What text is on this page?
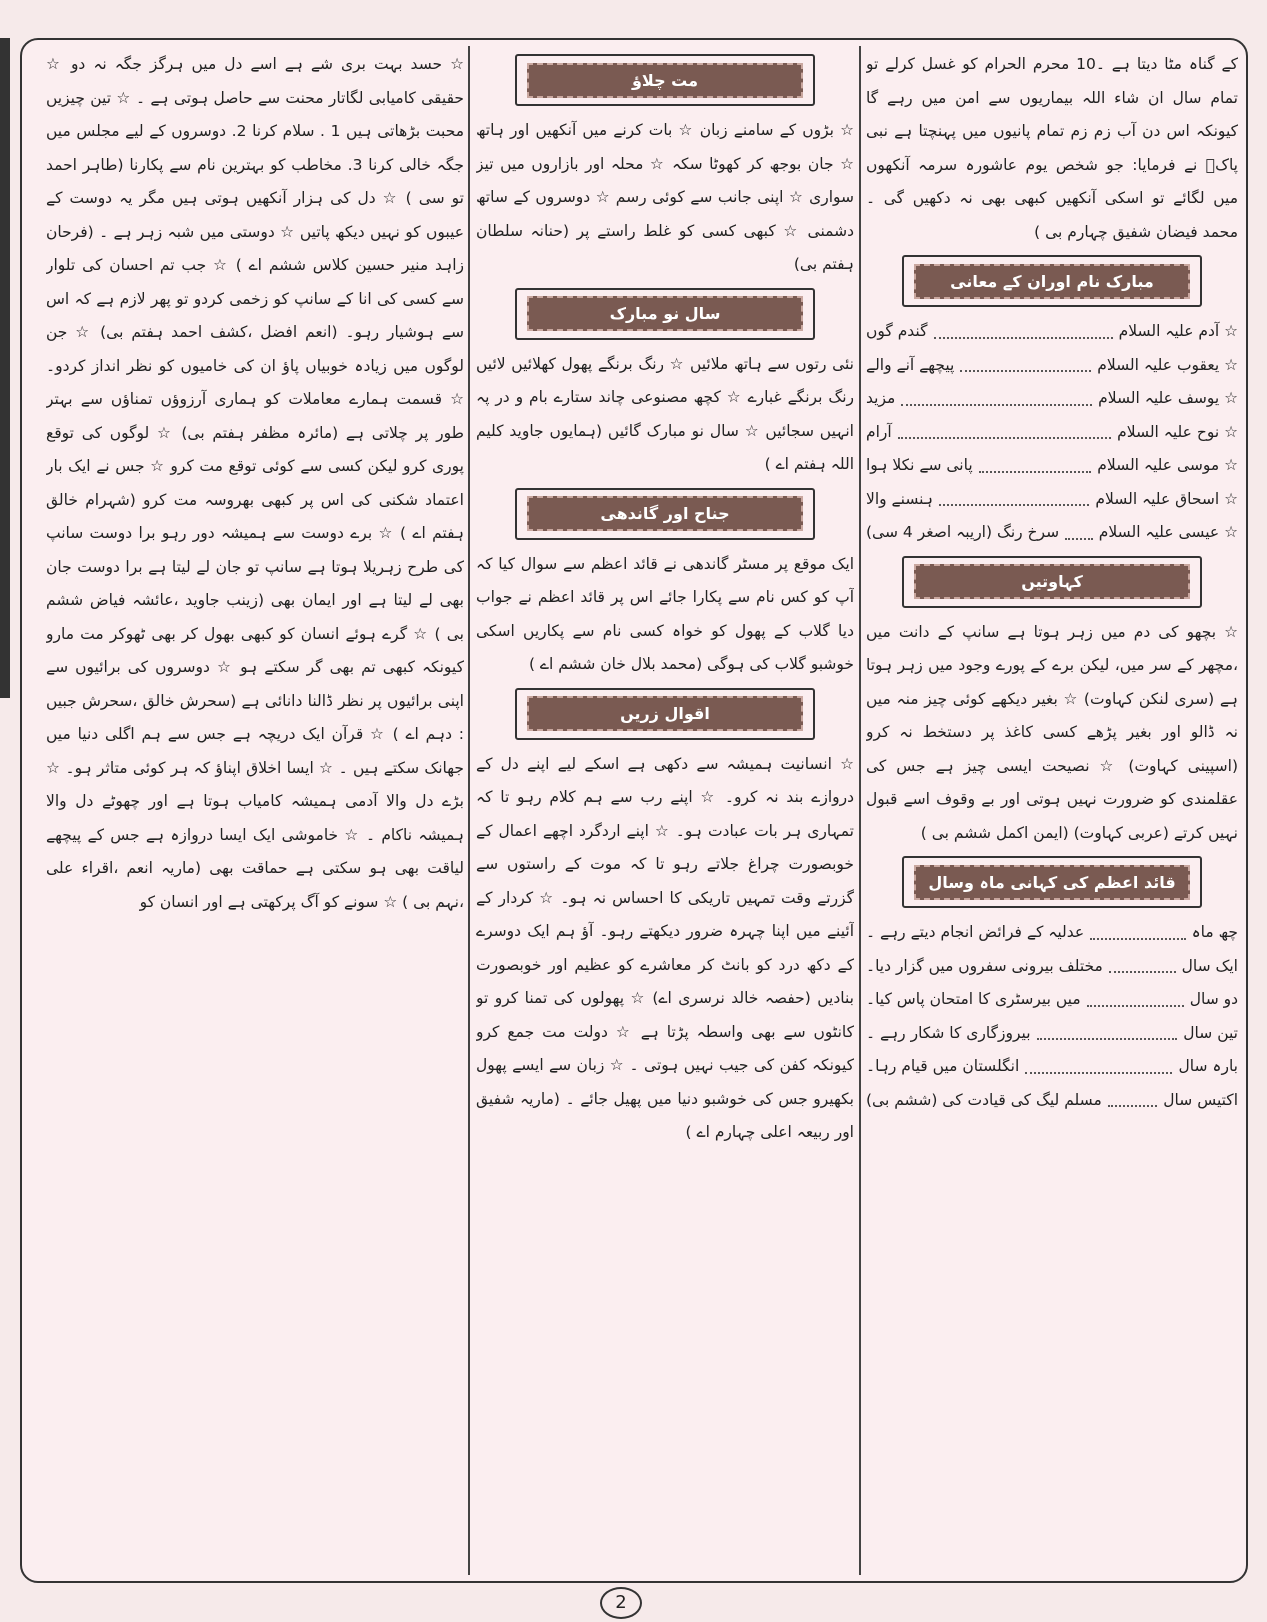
کے گناہ مٹا دیتا ہے ۔10 محرم الحرام کو غسل کرلے تو تمام سال ان شاء اللہ بیماریوں سے امن میں رہے گا کیونکہ اس دن آب زم زم تمام پانیوں میں پہنچتا ہے نبی پاکؐ نے فرمایا: جو شخص یوم عاشورہ سرمہ آنکھوں میں لگائے تو اسکی آنکھیں کبھی بھی نہ دکھیں گی ۔ محمد فیضان شفیق چہارم بی )

مبارک نام اوران کے معانی
☆ آدم علیہ السلام
گندم گوں
☆ یعقوب علیہ السلام
پیچھے آنے والے
☆ یوسف علیہ السلام
مزید
☆ نوح علیہ السلام
آرام
☆ موسی علیہ السلام
پانی سے نکلا ہوا
☆ اسحاق علیہ السلام
ہنسنے والا
☆ عیسی علیہ السلام
سرخ رنگ (اریبہ اصغر 4 سی)
کہاوتیں

☆ بچھو کی دم میں زہر ہوتا ہے سانپ کے دانت میں ،مچھر کے سر میں، لیکن برے کے پورے وجود میں زہر ہوتا ہے (سری لنکن کہاوت) ☆ بغیر دیکھے کوئی چیز منہ میں نہ ڈالو اور بغیر پڑھے کسی کاغذ پر دستخط نہ کرو (اسپینی کہاوت) ☆ نصیحت ایسی چیز ہے جس کی عقلمندی کو ضرورت نہیں ہوتی اور بے وقوف اسے قبول نہیں کرتے (عربی کہاوت) (ایمن اکمل ششم بی )

قائد اعظم کی کہانی ماہ وسال
چھ ماہ
عدلیہ کے فرائض انجام دیتے رہے ۔
ایک سال
مختلف بیرونی سفروں میں گزار دیا۔
دو سال
میں بیرسٹری کا امتحان پاس کیا۔
تین سال
بیروزگاری کا شکار رہے ۔
بارہ سال
انگلستان میں قیام رہا۔
اکتیس سال
مسلم لیگ کی قیادت کی (ششم بی)
مت چلاؤ

☆ بڑوں کے سامنے زبان ☆ بات کرنے میں آنکھیں اور ہاتھ ☆ جان بوجھ کر کھوٹا سکہ ☆ محلہ اور بازاروں میں تیز سواری ☆ اپنی جانب سے کوئی رسم ☆ دوسروں کے ساتھ دشمنی ☆ کبھی کسی کو غلط راستے پر (حنانہ سلطان ہفتم بی)

سال نو مبارک

نئی رتوں سے ہاتھ ملائیں ☆ رنگ برنگے پھول کھلائیں لائیں رنگ برنگے غبارے ☆ کچھ مصنوعی چاند ستارے بام و در پہ انہیں سجائیں ☆ سال نو مبارک گائیں (ہمایوں جاوید کلیم اللہ ہفتم اے )

جناح اور گاندھی

ایک موقع پر مسٹر گاندھی نے قائد اعظم سے سوال کیا کہ آپ کو کس نام سے پکارا جائے اس پر قائد اعظم نے جواب دیا گلاب کے پھول کو خواہ کسی نام سے پکاریں اسکی خوشبو گلاب کی ہوگی (محمد بلال خان ششم اے )

اقوال زریں

☆ انسانیت ہمیشہ سے دکھی ہے اسکے لیے اپنے دل کے دروازے بند نہ کرو۔ ☆ اپنے رب سے ہم کلام رہو تا کہ تمہاری ہر بات عبادت ہو۔ ☆ اپنے اردگرد اچھے اعمال کے خوبصورت چراغ جلاتے رہو تا کہ موت کے راستوں سے گزرتے وقت تمہیں تاریکی کا احساس نہ ہو۔ ☆ کردار کے آئینے میں اپنا چہرہ ضرور دیکھتے رہو۔ آؤ ہم ایک دوسرے کے دکھ درد کو بانٹ کر معاشرے کو عظیم اور خوبصورت بنادیں (حفصہ خالد نرسری اے) ☆ پھولوں کی تمنا کرو تو کانٹوں سے بھی واسطہ پڑتا ہے ☆ دولت مت جمع کرو کیونکہ کفن کی جیب نہیں ہوتی ۔ ☆ زبان سے ایسے پھول بکھیرو جس کی خوشبو دنیا میں پھیل جائے ۔ (ماریہ شفیق اور ربیعہ اعلی چہارم اے )

☆ حسد بہت بری شے ہے اسے دل میں ہرگز جگہ نہ دو ☆ حقیقی کامیابی لگاتار محنت سے حاصل ہوتی ہے ۔ ☆ تین چیزیں محبت بڑھاتی ہیں 1 . سلام کرنا 2. دوسروں کے لیے مجلس میں جگہ خالی کرنا 3. مخاطب کو بہترین نام سے پکارنا (طاہر احمد تو سی ) ☆ دل کی ہزار آنکھیں ہوتی ہیں مگر یہ دوست کے عیبوں کو نہیں دیکھ پاتیں ☆ دوستی میں شبہ زہر ہے ۔ (فرحان زاہد منیر حسین کلاس ششم اے ) ☆ جب تم احسان کی تلوار سے کسی کی انا کے سانپ کو زخمی کردو تو پھر لازم ہے کہ اس سے ہوشیار رہو۔ (انعم افضل ،کشف احمد ہفتم بی) ☆ جن لوگوں میں زیادہ خوبیاں پاؤ ان کی خامیوں کو نظر انداز کردو۔ ☆ قسمت ہمارے معاملات کو ہماری آرزوؤں تمناؤں سے بہتر طور پر چلاتی ہے (مائرہ مظفر ہفتم بی) ☆ لوگوں کی توقع پوری کرو لیکن کسی سے کوئی توقع مت کرو ☆ جس نے ایک بار اعتماد شکنی کی اس پر کبھی بھروسہ مت کرو (شہرام خالق ہفتم اے ) ☆ برے دوست سے ہمیشہ دور رہو برا دوست سانپ کی طرح زہریلا ہوتا ہے سانپ تو جان لے لیتا ہے برا دوست جان بھی لے لیتا ہے اور ایمان بھی (زینب جاوید ،عائشہ فیاض ششم بی ) ☆ گرے ہوئے انسان کو کبھی بھول کر بھی ٹھوکر مت مارو کیونکہ کبھی تم بھی گر سکتے ہو ☆ دوسروں کی برائیوں سے اپنی برائیوں پر نظر ڈالنا دانائی ہے (سحرش خالق ،سحرش جبیں : دہم اے ) ☆ قرآن ایک دریچہ ہے جس سے ہم اگلی دنیا میں جھانک سکتے ہیں ۔ ☆ ایسا اخلاق اپناؤ کہ ہر کوئی متاثر ہو۔ ☆ بڑے دل والا آدمی ہمیشہ کامیاب ہوتا ہے اور چھوٹے دل والا ہمیشہ ناکام ۔ ☆ خاموشی ایک ایسا دروازہ ہے جس کے پیچھے لیاقت بھی ہو سکتی ہے حماقت بھی (ماریہ انعم ،اقراء علی ،نہم بی ) ☆ سونے کو آگ پرکھتی ہے اور انسان کو

2
